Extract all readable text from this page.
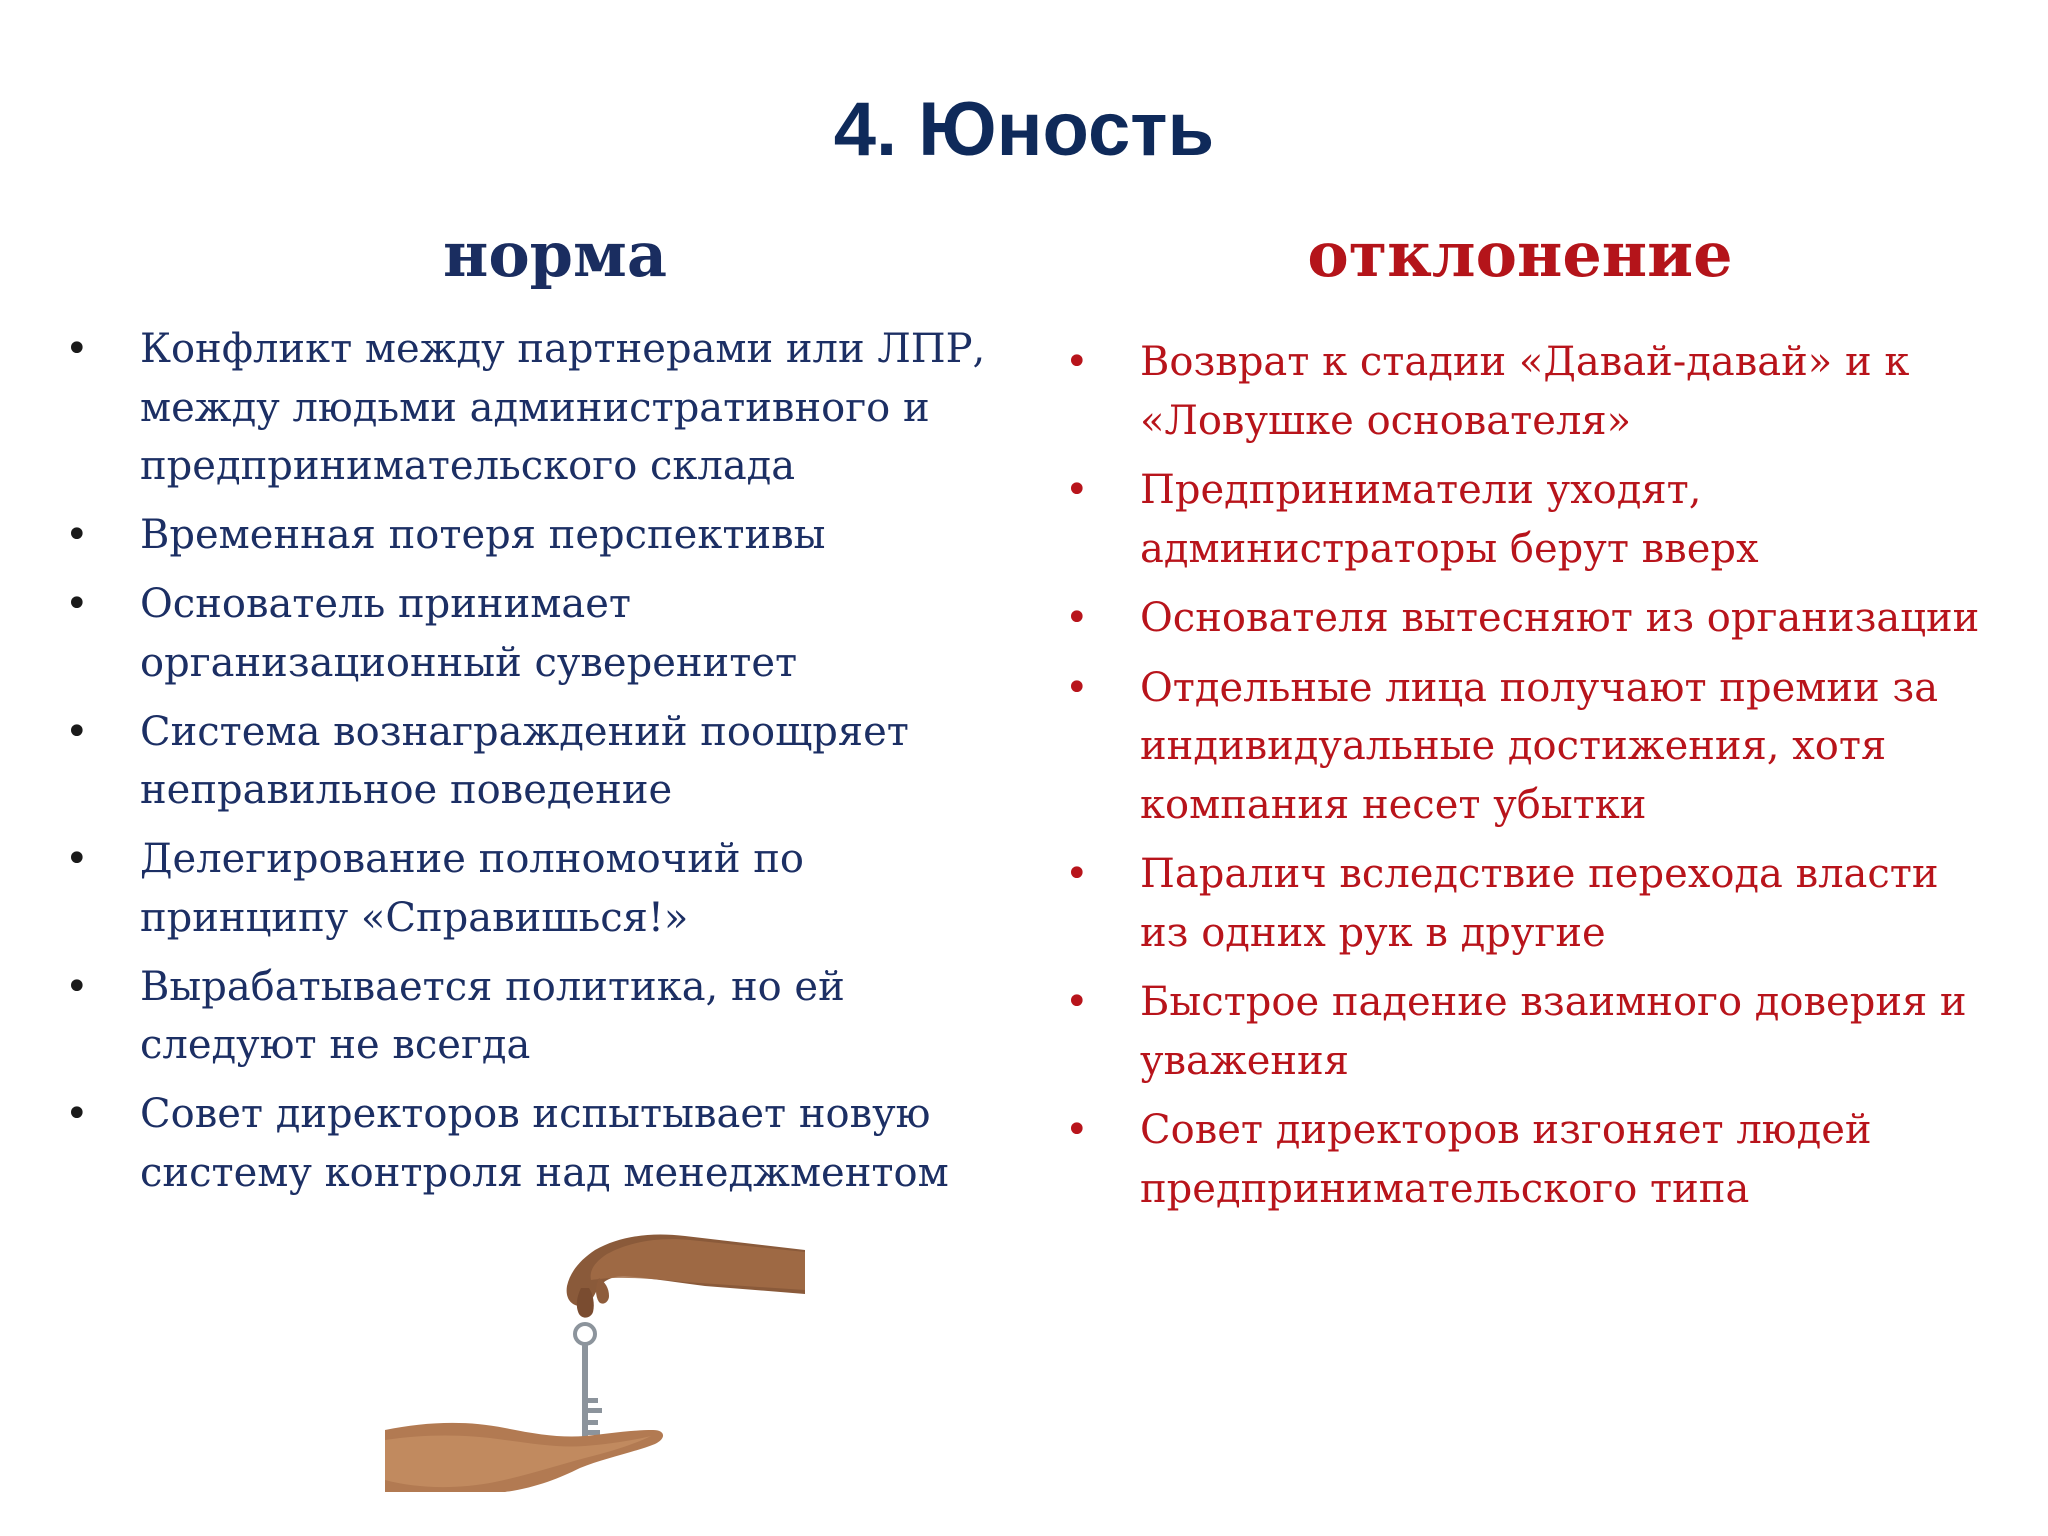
4. Юность
норма	отклонение
• Конфликт между партнерами или ЛПР, между людьми административного и предпринимательского склада
• Временная потеря перспективы
• Основатель принимает организационный суверенитет
• Система вознаграждений поощряет неправильное поведение
• Делегирование полномочий по принципу «Справишься!»
• Вырабатывается политика, но ей следуют не всегда
• Совет директоров испытывает новую систему контроля над менеджментом
• Возврат к стадии «Давай-давай» и к «Ловушке основателя»
• Предприниматели уходят, администраторы берут вверх
• Основателя вытесняют из организации
• Отдельные лица получают премии за индивидуальные достижения, хотя компания несет убытки
• Паралич вследствие перехода власти из одних рук в другие
• Быстрое падение взаимного доверия и уважения
• Совет директоров изгоняет людей предпринимательского типа
